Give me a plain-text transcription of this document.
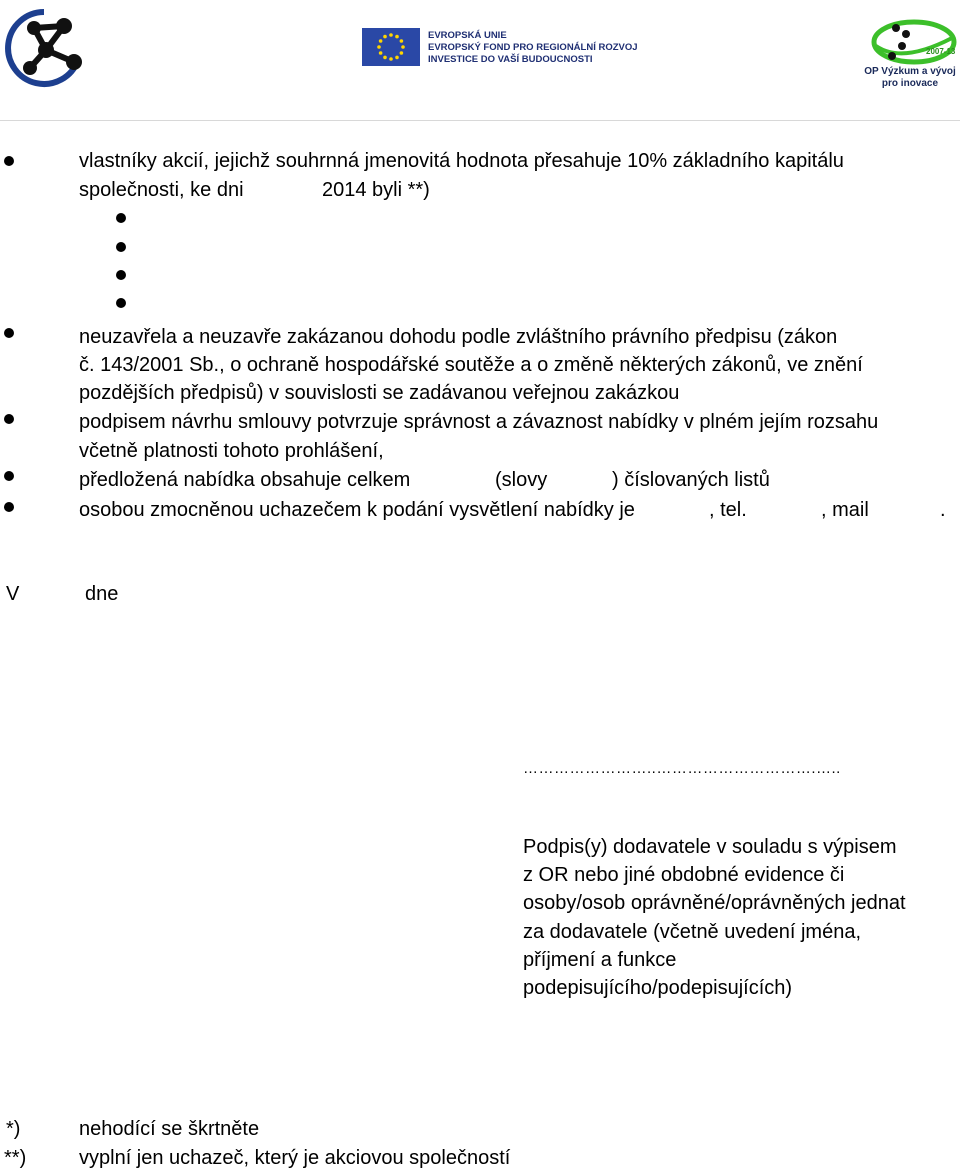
EVROPSKÁ UNIE
EVROPSKÝ FOND PRO REGIONÁLNÍ ROZVOJ
INVESTICE DO VAŠÍ BUDOUCNOSTI
2007-13
OP Výzkum a vývoj
pro inovace
vlastníky akcií, jejichž souhrnná jmenovitá hodnota přesahuje 10% základního kapitálu
společnosti, ke dni	2014 byli **)
neuzavřela a neuzavře zakázanou dohodu podle zvláštního právního předpisu (zákon
č. 143/2001 Sb., o ochraně hospodářské soutěže a o změně některých zákonů, ve znění
pozdějších předpisů) v souvislosti se zadávanou veřejnou zakázkou
podpisem návrhu smlouvy potvrzuje správnost a závaznost nabídky v plném jejím rozsahu
včetně platnosti tohoto prohlášení,
předložená nabídka obsahuje celkem	(slovy	) číslovaných listů
osobou zmocněnou uchazečem k podání vysvětlení nabídky je	, tel.	, mail	.
V	dne
……………………..………………………….…..
Podpis(y) dodavatele v souladu s výpisem
z OR nebo jiné obdobné evidence či
osoby/osob oprávněné/oprávněných jednat
za dodavatele (včetně uvedení jména,
příjmení a funkce
podepisujícího/podepisujících)
*)	nehodící se škrtněte
**)	vyplní jen uchazeč, který je akciovou společností
